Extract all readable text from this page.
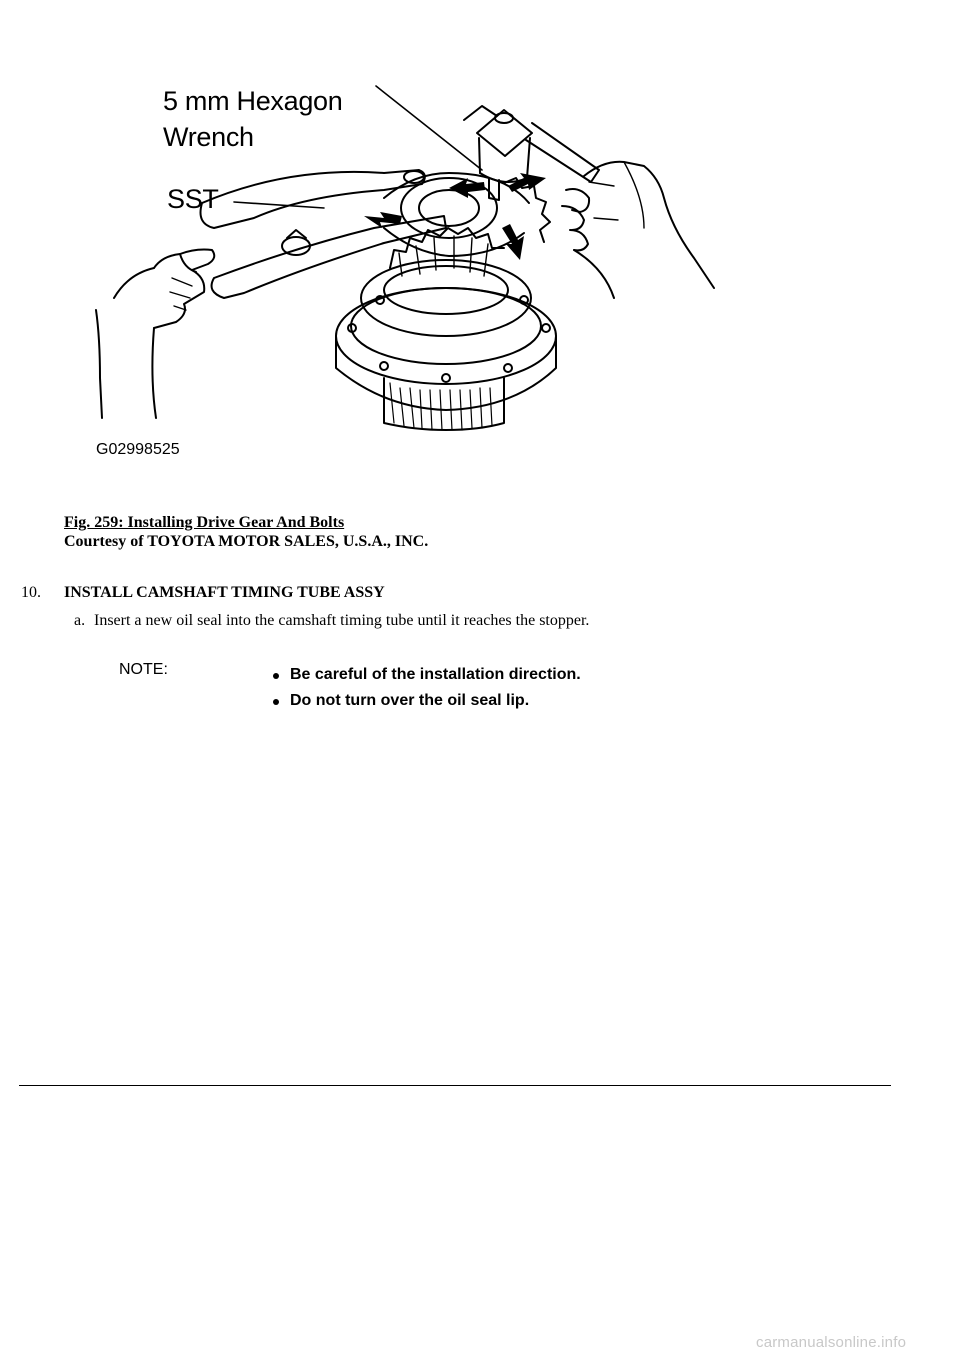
5 mm Hexagon
Wrench
SST
G02998525
Fig. 259: Installing Drive Gear And Bolts
Courtesy of TOYOTA MOTOR SALES, U.S.A., INC.
10. INSTALL CAMSHAFT TIMING TUBE ASSY
a. Insert a new oil seal into the camshaft timing tube until it reaches the stopper.
NOTE:	Be careful of the installation direction.
Do not turn over the oil seal lip.
carmanualsonline.info
